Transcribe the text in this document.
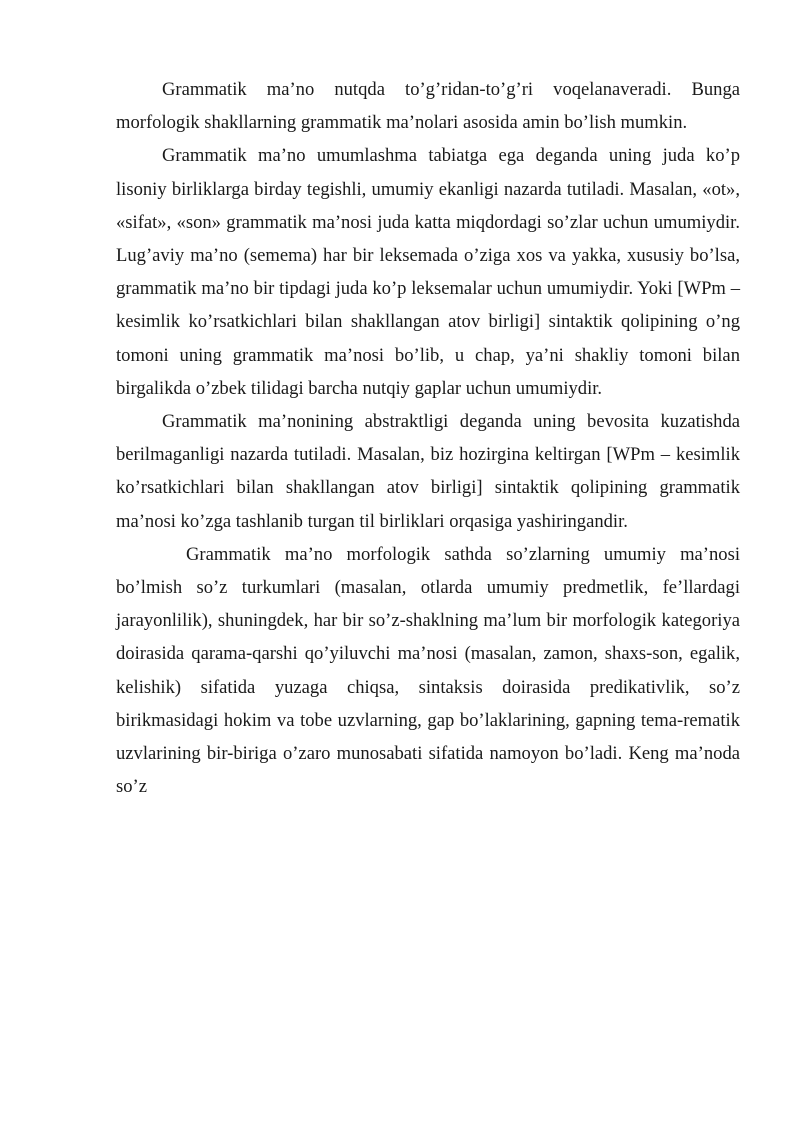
Grammatik ma’no nutqda to’g’ridan-to’g’ri voqelanaveradi. Bunga morfologik shakllarning grammatik ma’nolari asosida amin bo’lish mumkin.

Grammatik ma’no umumlashma tabiatga ega deganda uning juda ko’p lisoniy birliklarga birday tegishli, umumiy ekanligi nazarda tutiladi. Masalan, «ot», «sifat», «son» grammatik ma’nosi juda katta miqdordagi so’zlar uchun umumiydir. Lug’aviy ma’no (semema) har bir leksemada o’ziga xos va yakka, xususiy bo’lsa, grammatik ma’no bir tipdagi juda ko’p leksemalar uchun umumiydir. Yoki [WPm – kesimlik ko’rsatkichlari bilan shakllangan atov birligi] sintaktik qolipining o’ng tomoni uning grammatik ma’nosi bo’lib, u chap, ya’ni shakliy tomoni bilan birgalikda o’zbek tilidagi barcha nutqiy gaplar uchun umumiydir.

Grammatik ma’nonining abstraktligi deganda uning bevosita kuzatishda berilmaganligi nazarda tutiladi. Masalan, biz hozirgina keltirgan [WPm – kesimlik ko’rsatkichlari bilan shakllangan atov birligi] sintaktik qolipining grammatik ma’nosi ko’zga tashlanib turgan til birliklari orqasiga yashiringandir.

Grammatik ma’no morfologik sathda so’zlarning umumiy ma’nosi bo’lmish so’z turkumlari (masalan, otlarda umumiy predmetlik, fe’llardagi jarayonlilik), shuningdek, har bir so’z-shaklning ma’lum bir morfologik kategoriya doirasida qarama-qarshi qo’yiluvchi ma’nosi (masalan, zamon, shaxs-son, egalik, kelishik) sifatida yuzaga chiqsa, sintaksis doirasida predikativlik, so’z birikmasidagi hokim va tobe uzvlarning, gap bo’laklarining, gapning tema-rematik uzvlarining bir-biriga o’zaro munosabati sifatida namoyon bo’ladi. Keng ma’noda so’z
